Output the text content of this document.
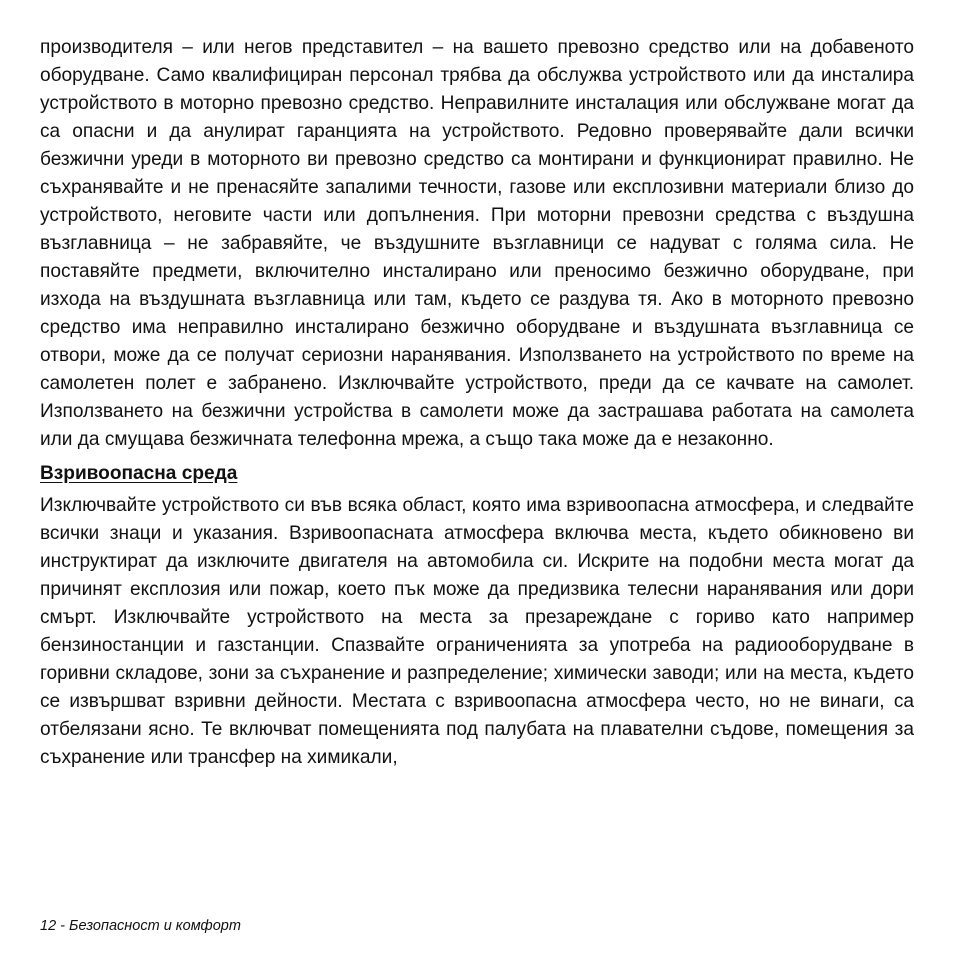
производителя – или негов представител – на вашето превозно средство или на добавеното оборудване. Само квалифициран персонал трябва да обслужва устройството или да инсталира устройството в моторно превозно средство. Неправилните инсталация или обслужване могат да са опасни и да анулират гаранцията на устройството. Редовно проверявайте дали всички безжични уреди в моторното ви превозно средство са монтирани и функционират правилно. Не съхранявайте и не пренасяйте запалими течности, газове или експлозивни материали близо до устройството, неговите части или допълнения. При моторни превозни средства с въздушна възглавница – не забравяйте, че въздушните възглавници се надуват с голяма сила. Не поставяйте предмети, включително инсталирано или преносимо безжично оборудване, при изхода на въздушната възглавница или там, където се раздува тя. Ако в моторното превозно средство има неправилно инсталирано безжично оборудване и въздушната възглавница се отвори, може да се получат сериозни наранявания. Използването на устройството по време на самолетен полет е забранено. Изключвайте устройството, преди да се качвате на самолет. Използването на безжични устройства в самолети може да застрашава работата на самолета или да смущава безжичната телефонна мрежа, а също така може да е незаконно.

Взривоопасна среда

Изключвайте устройството си във всяка област, която има взривоопасна атмосфера, и следвайте всички знаци и указания. Взривоопасната атмосфера включва места, където обикновено ви инструктират да изключите двигателя на автомобила си. Искрите на подобни места могат да причинят експлозия или пожар, което пък може да предизвика телесни наранявания или дори смърт. Изключвайте устройството на места за презареждане с гориво като например бензиностанции и газстанции. Спазвайте ограниченията за употреба на радиооборудване в горивни складове, зони за съхранение и разпределение; химически заводи; или на места, където се извършват взривни дейности. Местата с взривоопасна атмосфера често, но не винаги, са отбелязани ясно. Те включват помещенията под палубата на плавателни съдове, помещения за съхранение или трансфер на химикали,

12 - Безопасност и комфорт
